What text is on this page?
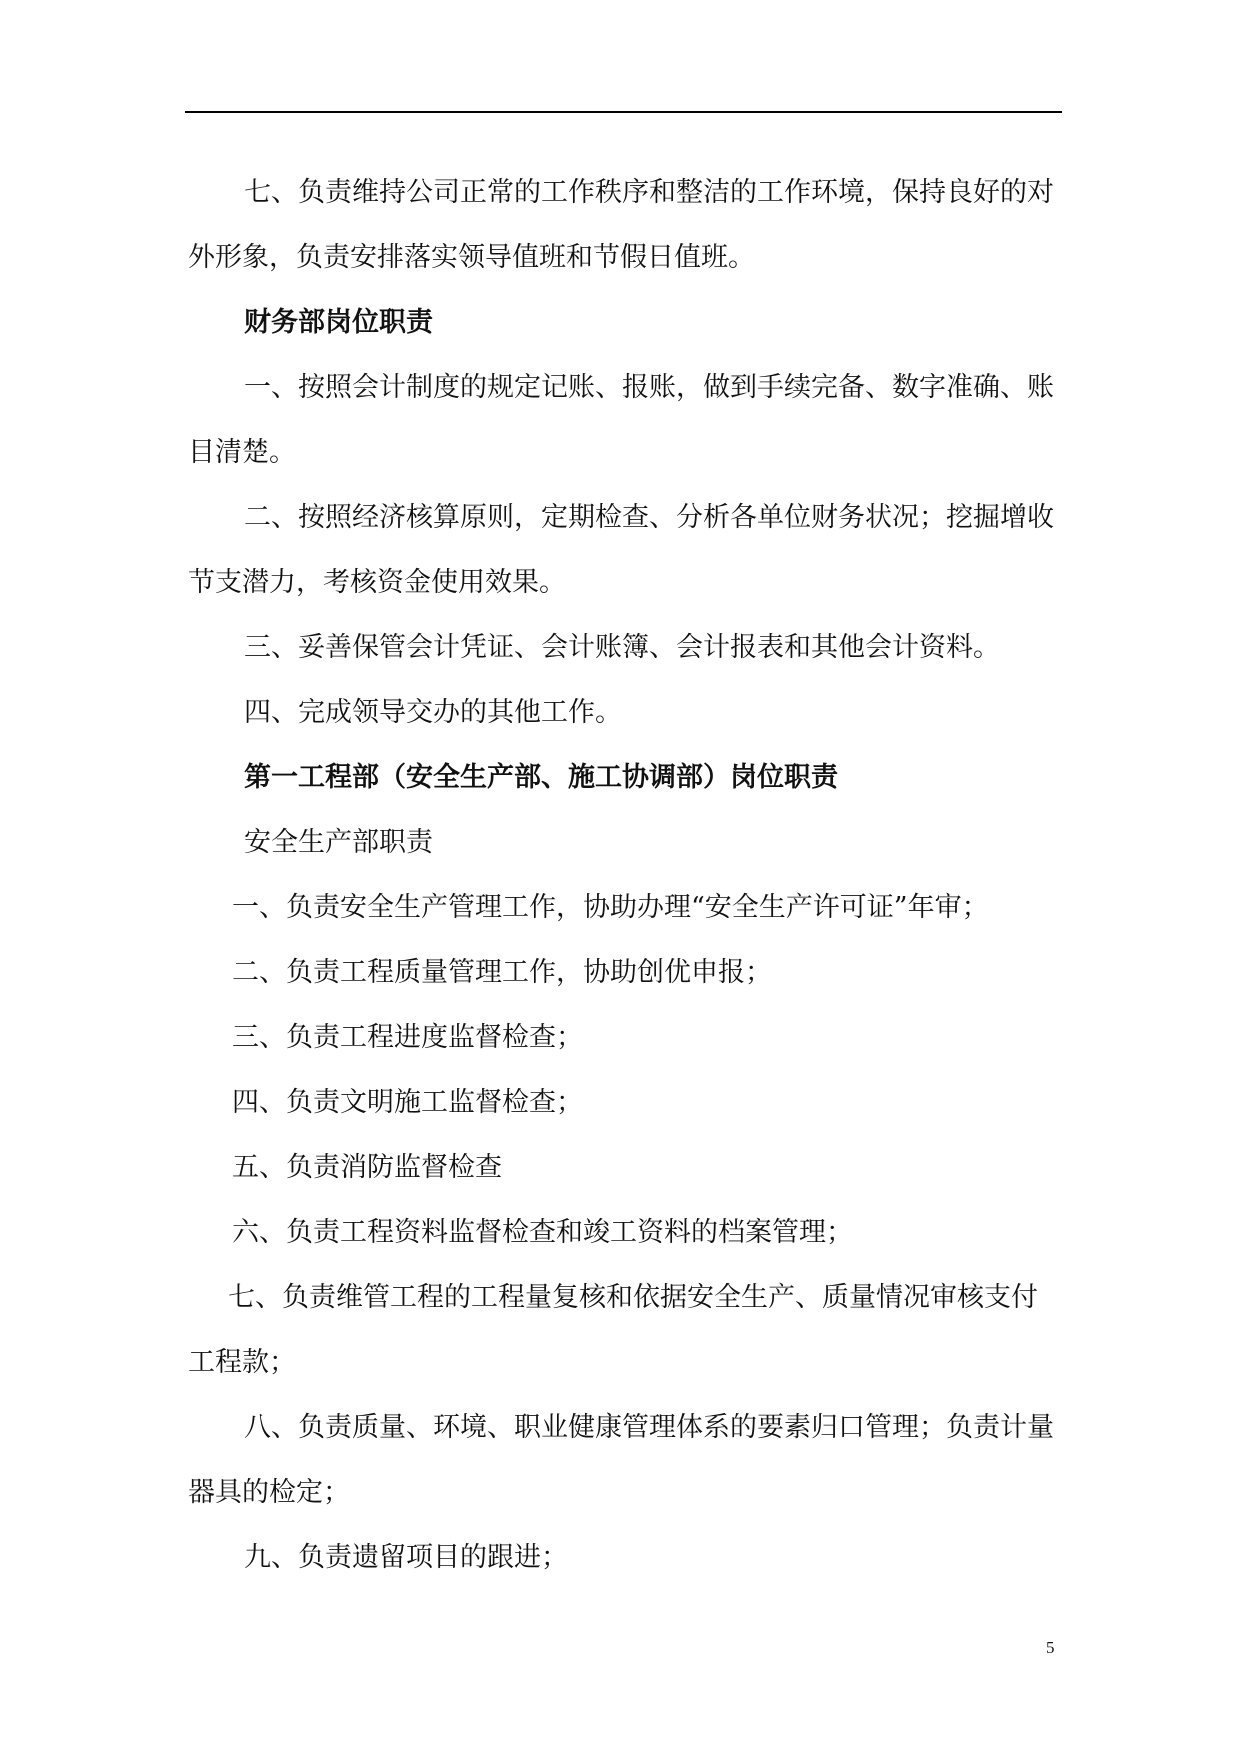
七、负责维持公司正常的工作秩序和整洁的工作环境，保持良好的对外形象，负责安排落实领导值班和节假日值班。

财务部岗位职责

一、按照会计制度的规定记账、报账，做到手续完备、数字准确、账目清楚。

二、按照经济核算原则，定期检查、分析各单位财务状况；挖掘增收节支潜力，考核资金使用效果。

三、妥善保管会计凭证、会计账簿、会计报表和其他会计资料。

四、完成领导交办的其他工作。

第一工程部（安全生产部、施工协调部）岗位职责

安全生产部职责

一、负责安全生产管理工作，协助办理“安全生产许可证”年审；

二、负责工程质量管理工作，协助创优申报；

三、负责工程进度监督检查；

四、负责文明施工监督检查；

五、负责消防监督检查

六、负责工程资料监督检查和竣工资料的档案管理；

七、负责维管工程的工程量复核和依据安全生产、质量情况审核支付工程款；

八、负责质量、环境、职业健康管理体系的要素归口管理；负责计量器具的检定；

九、负责遗留项目的跟进；

5
